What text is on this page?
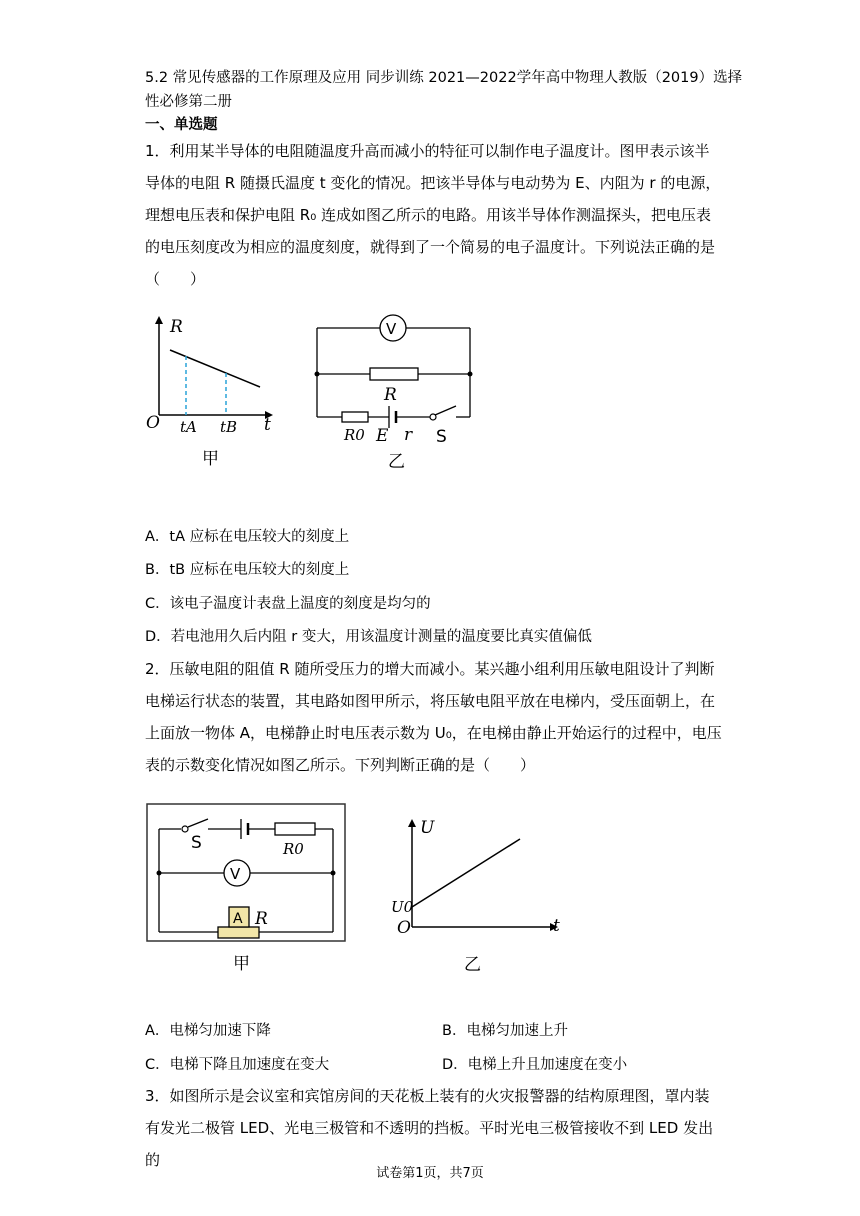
5.2 常见传感器的工作原理及应用 同步训练 2021—2022学年高中物理人教版（2019）选择性必修第二册
一、单选题
1．利用某半导体的电阻随温度升高而减小的特征可以制作电子温度计。图甲表示该半
导体的电阻 R 随摄氏温度 t 变化的情况。把该半导体与电动势为 E、内阻为 r 的电源，
理想电压表和保护电阻 R₀ 连成如图乙所示的电路。用该半导体作测温探头，把电压表
的电压刻度改为相应的温度刻度，就得到了一个简易的电子温度计。下列说法正确的是
（　　）
R
t
O tA tB
甲
V
R
R0 E r S
乙
A．tA 应标在电压较大的刻度上
B．tB 应标在电压较大的刻度上
C．该电子温度计表盘上温度的刻度是均匀的
D．若电池用久后内阻 r 变大，用该温度计测量的温度要比真实值偏低
2．压敏电阻的阻值 R 随所受压力的增大而减小。某兴趣小组利用压敏电阻设计了判断
电梯运行状态的装置，其电路如图甲所示，将压敏电阻平放在电梯内，受压面朝上，在
上面放一物体 A，电梯静止时电压表示数为 U₀，在电梯由静止开始运行的过程中，电压
表的示数变化情况如图乙所示。下列判断正确的是（　　）
S	R0
V
A R
甲
U
t
O
U0
乙
A．电梯匀加速下降	B．电梯匀加速上升
C．电梯下降且加速度在变大	D．电梯上升且加速度在变小
3．如图所示是会议室和宾馆房间的天花板上装有的火灾报警器的结构原理图，罩内装
有发光二极管 LED、光电三极管和不透明的挡板。平时光电三极管接收不到 LED 发出的
试卷第1页，共7页
